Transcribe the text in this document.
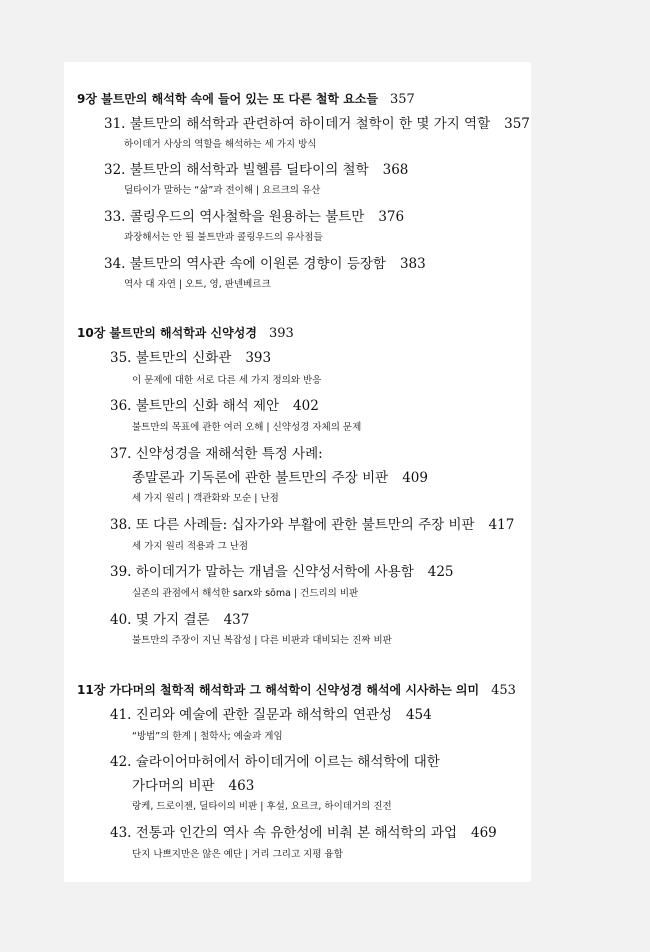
9장 불트만의 해석학 속에 들어 있는 또 다른 철학 요소들 357
31. 불트만의 해석학과 관련하여 하이데거 철학이 한 몇 가지 역할 357
하이데거 사상의 역할을 해석하는 세 가지 방식
32. 불트만의 해석학과 빌헬름 딜타이의 철학 368
딜타이가 말하는 “삶”과 전이해 | 요르크의 유산
33. 콜링우드의 역사철학을 원용하는 불트만 376
과장해서는 안 될 불트만과 콜링우드의 유사점들
34. 불트만의 역사관 속에 이원론 경향이 등장함 383
역사 대 자연 | 오트, 영, 판넨베르크
10장 불트만의 해석학과 신약성경 393
35. 불트만의 신화관 393
이 문제에 대한 서로 다른 세 가지 정의와 반응
36. 불트만의 신화 해석 제안 402
불트만의 목표에 관한 여러 오해 | 신약성경 자체의 문제
37. 신약성경을 재해석한 특정 사례:
종말론과 기독론에 관한 불트만의 주장 비판 409
세 가지 원리 | 객관화와 모순 | 난점
38. 또 다른 사례들: 십자가와 부활에 관한 불트만의 주장 비판 417
세 가지 원리 적용과 그 난점
39. 하이데거가 말하는 개념을 신약성서학에 사용함 425
실존의 관점에서 해석한 sarx와 sōma | 건드리의 비판
40. 몇 가지 결론 437
불트만의 주장이 지닌 복잡성 | 다른 비판과 대비되는 진짜 비판
11장 가다머의 철학적 해석학과 그 해석학이 신약성경 해석에 시사하는 의미 453
41. 진리와 예술에 관한 질문과 해석학의 연관성 454
“방법”의 한계 | 철학사; 예술과 게임
42. 슐라이어마허에서 하이데거에 이르는 해석학에 대한
가다머의 비판 463
랑케, 드로이젠, 딜타이의 비판 | 후설, 요르크, 하이데거의 진전
43. 전통과 인간의 역사 속 유한성에 비춰 본 해석학의 과업 469
단지 나쁘지만은 않은 예단 | 거리 그리고 지평 융합
